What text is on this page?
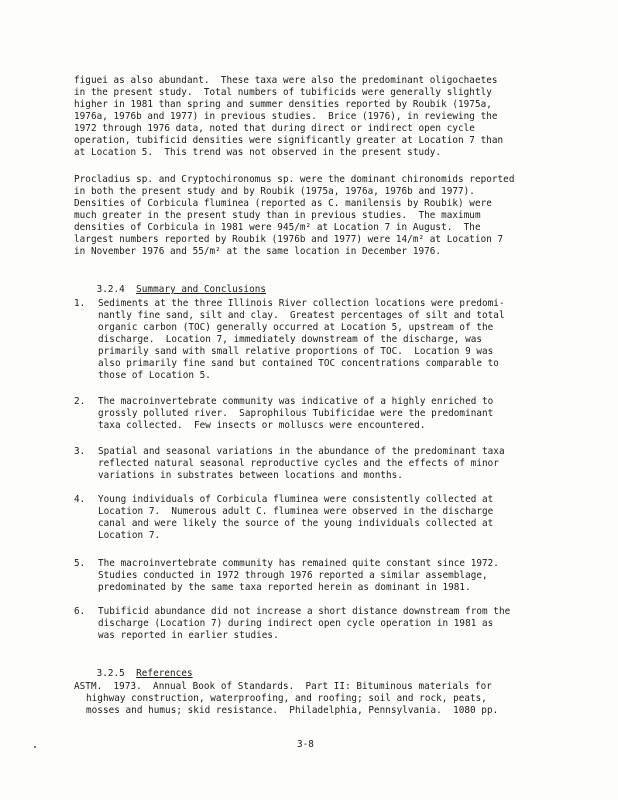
figuei as also abundant.  These taxa were also the predominant oligochaetes
in the present study.  Total numbers of tubificids were generally slightly
higher in 1981 than spring and summer densities reported by Roubik (1975a,
1976a, 1976b and 1977) in previous studies.  Brice (1976), in reviewing the
1972 through 1976 data, noted that during direct or indirect open cycle
operation, tubificid densities were significantly greater at Location 7 than
at Location 5.  This trend was not observed in the present study.
Procladius sp. and Cryptochironomus sp. were the dominant chironomids reported
in both the present study and by Roubik (1975a, 1976a, 1976b and 1977).
Densities of Corbicula fluminea (reported as C. manilensis by Roubik) were
much greater in the present study than in previous studies.  The maximum
densities of Corbicula in 1981 were 945/m² at Location 7 in August.  The
largest numbers reported by Roubik (1976b and 1977) were 14/m² at Location 7
in November 1976 and 55/m² at the same location in December 1976.

3.2.4 Summary and Conclusions

1. Sediments at the three Illinois River collection locations were predomi-
nantly fine sand, silt and clay.  Greatest percentages of silt and total
organic carbon (TOC) generally occurred at Location 5, upstream of the
discharge.  Location 7, immediately downstream of the discharge, was
primarily sand with small relative proportions of TOC.  Location 9 was
also primarily fine sand but contained TOC concentrations comparable to
those of Location 5.
2. The macroinvertebrate community was indicative of a highly enriched to
grossly polluted river.  Saprophilous Tubificidae were the predominant
taxa collected.  Few insects or molluscs were encountered.
3. Spatial and seasonal variations in the abundance of the predominant taxa
reflected natural seasonal reproductive cycles and the effects of minor
variations in substrates between locations and months.
4. Young individuals of Corbicula fluminea were consistently collected at
Location 7.  Numerous adult C. fluminea were observed in the discharge
canal and were likely the source of the young individuals collected at
Location 7.
5. The macroinvertebrate community has remained quite constant since 1972.
Studies conducted in 1972 through 1976 reported a similar assemblage,
predominated by the same taxa reported herein as dominant in 1981.
6. Tubificid abundance did not increase a short distance downstream from the
discharge (Location 7) during indirect open cycle operation in 1981 as
was reported in earlier studies.

3.2.5 References

ASTM.  1973.  Annual Book of Standards.  Part II: Bituminous materials for
highway construction, waterproofing, and roofing; soil and rock, peats,
mosses and humus; skid resistance.  Philadelphia, Pennsylvania.  1080 pp.
3-8
